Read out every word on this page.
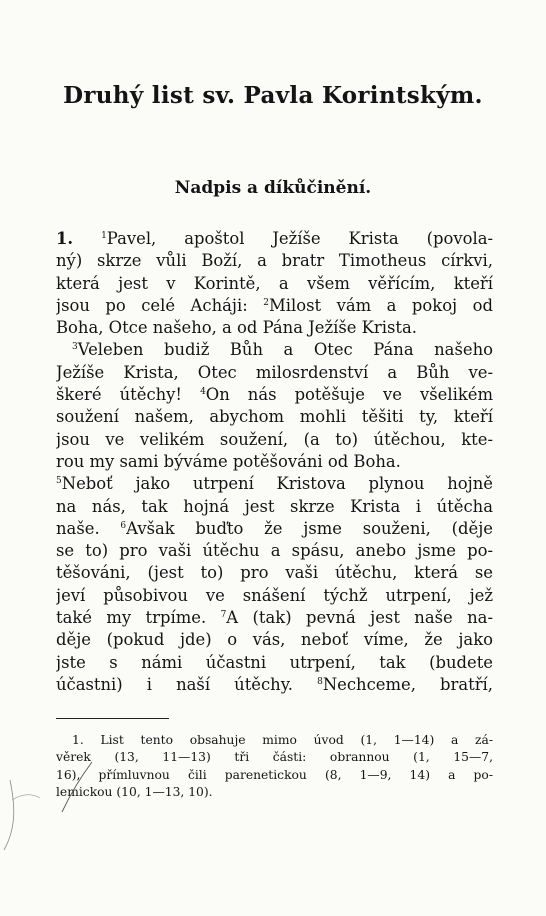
Druhý list sv. Pavla Korintským.
Nadpis a díkůčinění.
1.	$^1$Pavel, apoštol Ježíše Krista (povola-
ný) skrze vůli Boží, a bratr Timotheus církvi,
která jest v Korintě, a všem věřícím, kteří
jsou po celé Achájі: $^2$Milost vám a pokoj od
Boha, Otce našeho, a od Pána Ježíše Krista.
$^3$Veleben budiž Bůh a Otec Pána našeho
Ježíše Krista, Otec milosrdenství a Bůh ve-
škeré útěchy! $^4$On nás potěšuje ve všelikém
soužení našem, abychom mohli těšiti ty, kteří
jsou ve velikém soužení, (a to) útěchou, kte-
rou my sami býváme potěšováni od Boha.
$^5$Neboť jako utrpení Kristova plynou hojně
na nás, tak hojná jest skrze Krista i útěcha
naše. $^6$Avšak buďto že jsme souženi, (děje
se to) pro vaši útěchu a spásu, anebo jsme po-
těšováni, (jest to) pro vaši útěchu, která se
jeví působivou ve snášení týchž utrpení, jež
také my trpíme. $^7$A (tak) pevná jest naše na-
děje (pokud jde) o vás, neboť víme, že jako
jste s námi účastni utrpení, tak (budete
účastni) i naší útěchy.	$^8$Nechceme, bratří,
1. List tento obsahuje mimo úvod (1, 1—14) a zá-
věrek (13, 11—13) tři části: obrannou (1, 15—7,
16), přímluvnou čili parenetickou (8, 1—9, 14) a po-
lemickou (10, 1—13, 10).
